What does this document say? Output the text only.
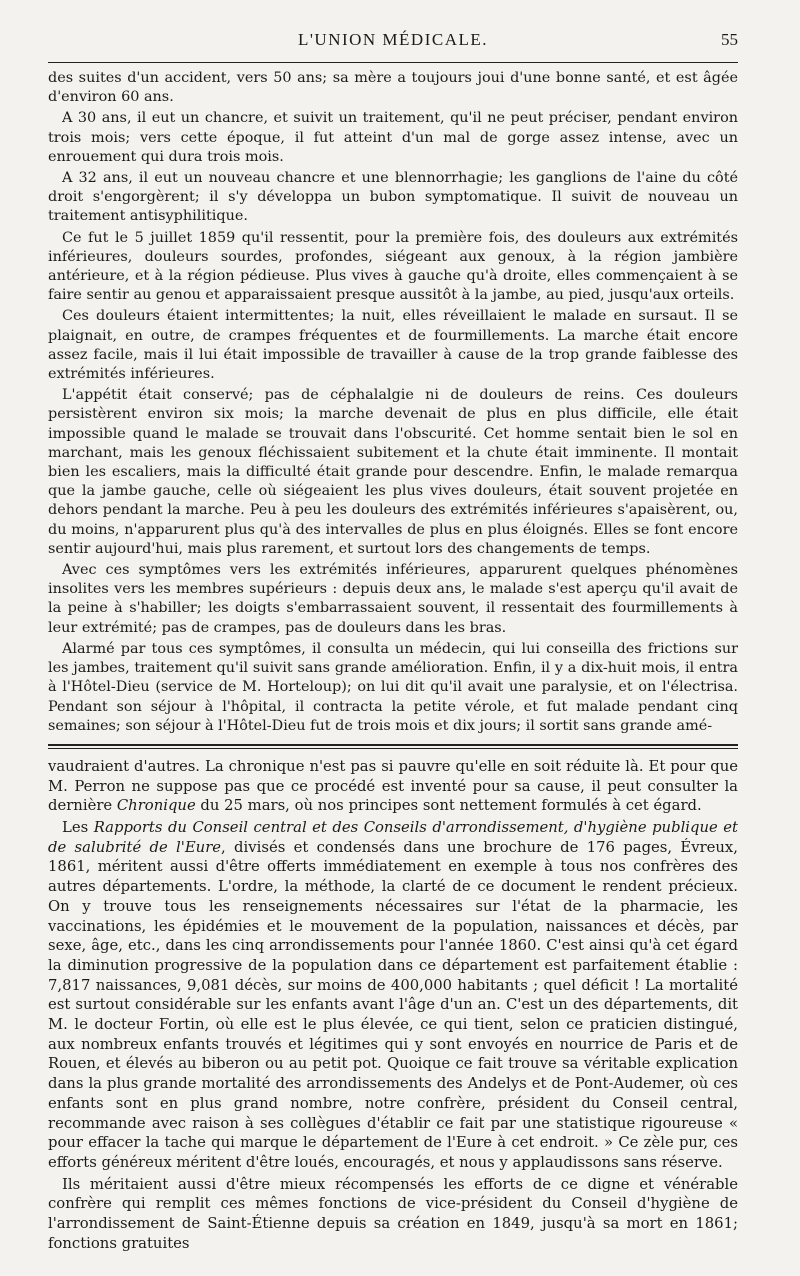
L'UNION MÉDICALE.	55

des suites d'un accident, vers 50 ans; sa mère a toujours joui d'une bonne santé, et est âgée d'environ 60 ans.

A 30 ans, il eut un chancre, et suivit un traitement, qu'il ne peut préciser, pendant environ trois mois; vers cette époque, il fut atteint d'un mal de gorge assez intense, avec un enrouement qui dura trois mois.

A 32 ans, il eut un nouveau chancre et une blennorrhagie; les ganglions de l'aine du côté droit s'engorgèrent; il s'y développa un bubon symptomatique. Il suivit de nouveau un traitement antisyphilitique.

Ce fut le 5 juillet 1859 qu'il ressentit, pour la première fois, des douleurs aux extrémités inférieures, douleurs sourdes, profondes, siégeant aux genoux, à la région jambière antérieure, et à la région pédieuse. Plus vives à gauche qu'à droite, elles commençaient à se faire sentir au genou et apparaissaient presque aussitôt à la jambe, au pied, jusqu'aux orteils.

Ces douleurs étaient intermittentes; la nuit, elles réveillaient le malade en sursaut. Il se plaignait, en outre, de crampes fréquentes et de fourmillements. La marche était encore assez facile, mais il lui était impossible de travailler à cause de la trop grande faiblesse des extrémités inférieures.

L'appétit était conservé; pas de céphalalgie ni de douleurs de reins. Ces douleurs persistèrent environ six mois; la marche devenait de plus en plus difficile, elle était impossible quand le malade se trouvait dans l'obscurité. Cet homme sentait bien le sol en marchant, mais les genoux fléchissaient subitement et la chute était imminente. Il montait bien les escaliers, mais la difficulté était grande pour descendre. Enfin, le malade remarqua que la jambe gauche, celle où siégeaient les plus vives douleurs, était souvent projetée en dehors pendant la marche. Peu à peu les douleurs des extrémités inférieures s'apaisèrent, ou, du moins, n'apparurent plus qu'à des intervalles de plus en plus éloignés. Elles se font encore sentir aujourd'hui, mais plus rarement, et surtout lors des changements de temps.

Avec ces symptômes vers les extrémités inférieures, apparurent quelques phénomènes insolites vers les membres supérieurs : depuis deux ans, le malade s'est aperçu qu'il avait de la peine à s'habiller; les doigts s'embarrassaient souvent, il ressentait des fourmillements à leur extrémité; pas de crampes, pas de douleurs dans les bras.

Alarmé par tous ces symptômes, il consulta un médecin, qui lui conseilla des frictions sur les jambes, traitement qu'il suivit sans grande amélioration. Enfin, il y a dix-huit mois, il entra à l'Hôtel-Dieu (service de M. Horteloup); on lui dit qu'il avait une paralysie, et on l'électrisa. Pendant son séjour à l'hôpital, il contracta la petite vérole, et fut malade pendant cinq semaines; son séjour à l'Hôtel-Dieu fut de trois mois et dix jours; il sortit sans grande amé-

vaudraient d'autres. La chronique n'est pas si pauvre qu'elle en soit réduite là. Et pour que M. Perron ne suppose pas que ce procédé est inventé pour sa cause, il peut consulter la dernière Chronique du 25 mars, où nos principes sont nettement formulés à cet égard.

Les Rapports du Conseil central et des Conseils d'arrondissement, d'hygiène publique et de salubrité de l'Eure, divisés et condensés dans une brochure de 176 pages, Évreux, 1861, méritent aussi d'être offerts immédiatement en exemple à tous nos confrères des autres départements. L'ordre, la méthode, la clarté de ce document le rendent précieux. On y trouve tous les renseignements nécessaires sur l'état de la pharmacie, les vaccinations, les épidémies et le mouvement de la population, naissances et décès, par sexe, âge, etc., dans les cinq arrondissements pour l'année 1860. C'est ainsi qu'à cet égard la diminution progressive de la population dans ce département est parfaitement établie : 7,817 naissances, 9,081 décès, sur moins de 400,000 habitants ; quel déficit ! La mortalité est surtout considérable sur les enfants avant l'âge d'un an. C'est un des départements, dit M. le docteur Fortin, où elle est le plus élevée, ce qui tient, selon ce praticien distingué, aux nombreux enfants trouvés et légitimes qui y sont envoyés en nourrice de Paris et de Rouen, et élevés au biberon ou au petit pot. Quoique ce fait trouve sa véritable explication dans la plus grande mortalité des arrondissements des Andelys et de Pont-Audemer, où ces enfants sont en plus grand nombre, notre confrère, président du Conseil central, recommande avec raison à ses collègues d'établir ce fait par une statistique rigoureuse « pour effacer la tache qui marque le département de l'Eure à cet endroit. » Ce zèle pur, ces efforts généreux méritent d'être loués, encouragés, et nous y applaudissons sans réserve.

Ils méritaient aussi d'être mieux récompensés les efforts de ce digne et vénérable confrère qui remplit ces mêmes fonctions de vice-président du Conseil d'hygiène de l'arrondissement de Saint-Étienne depuis sa création en 1849, jusqu'à sa mort en 1861; fonctions gratuites
